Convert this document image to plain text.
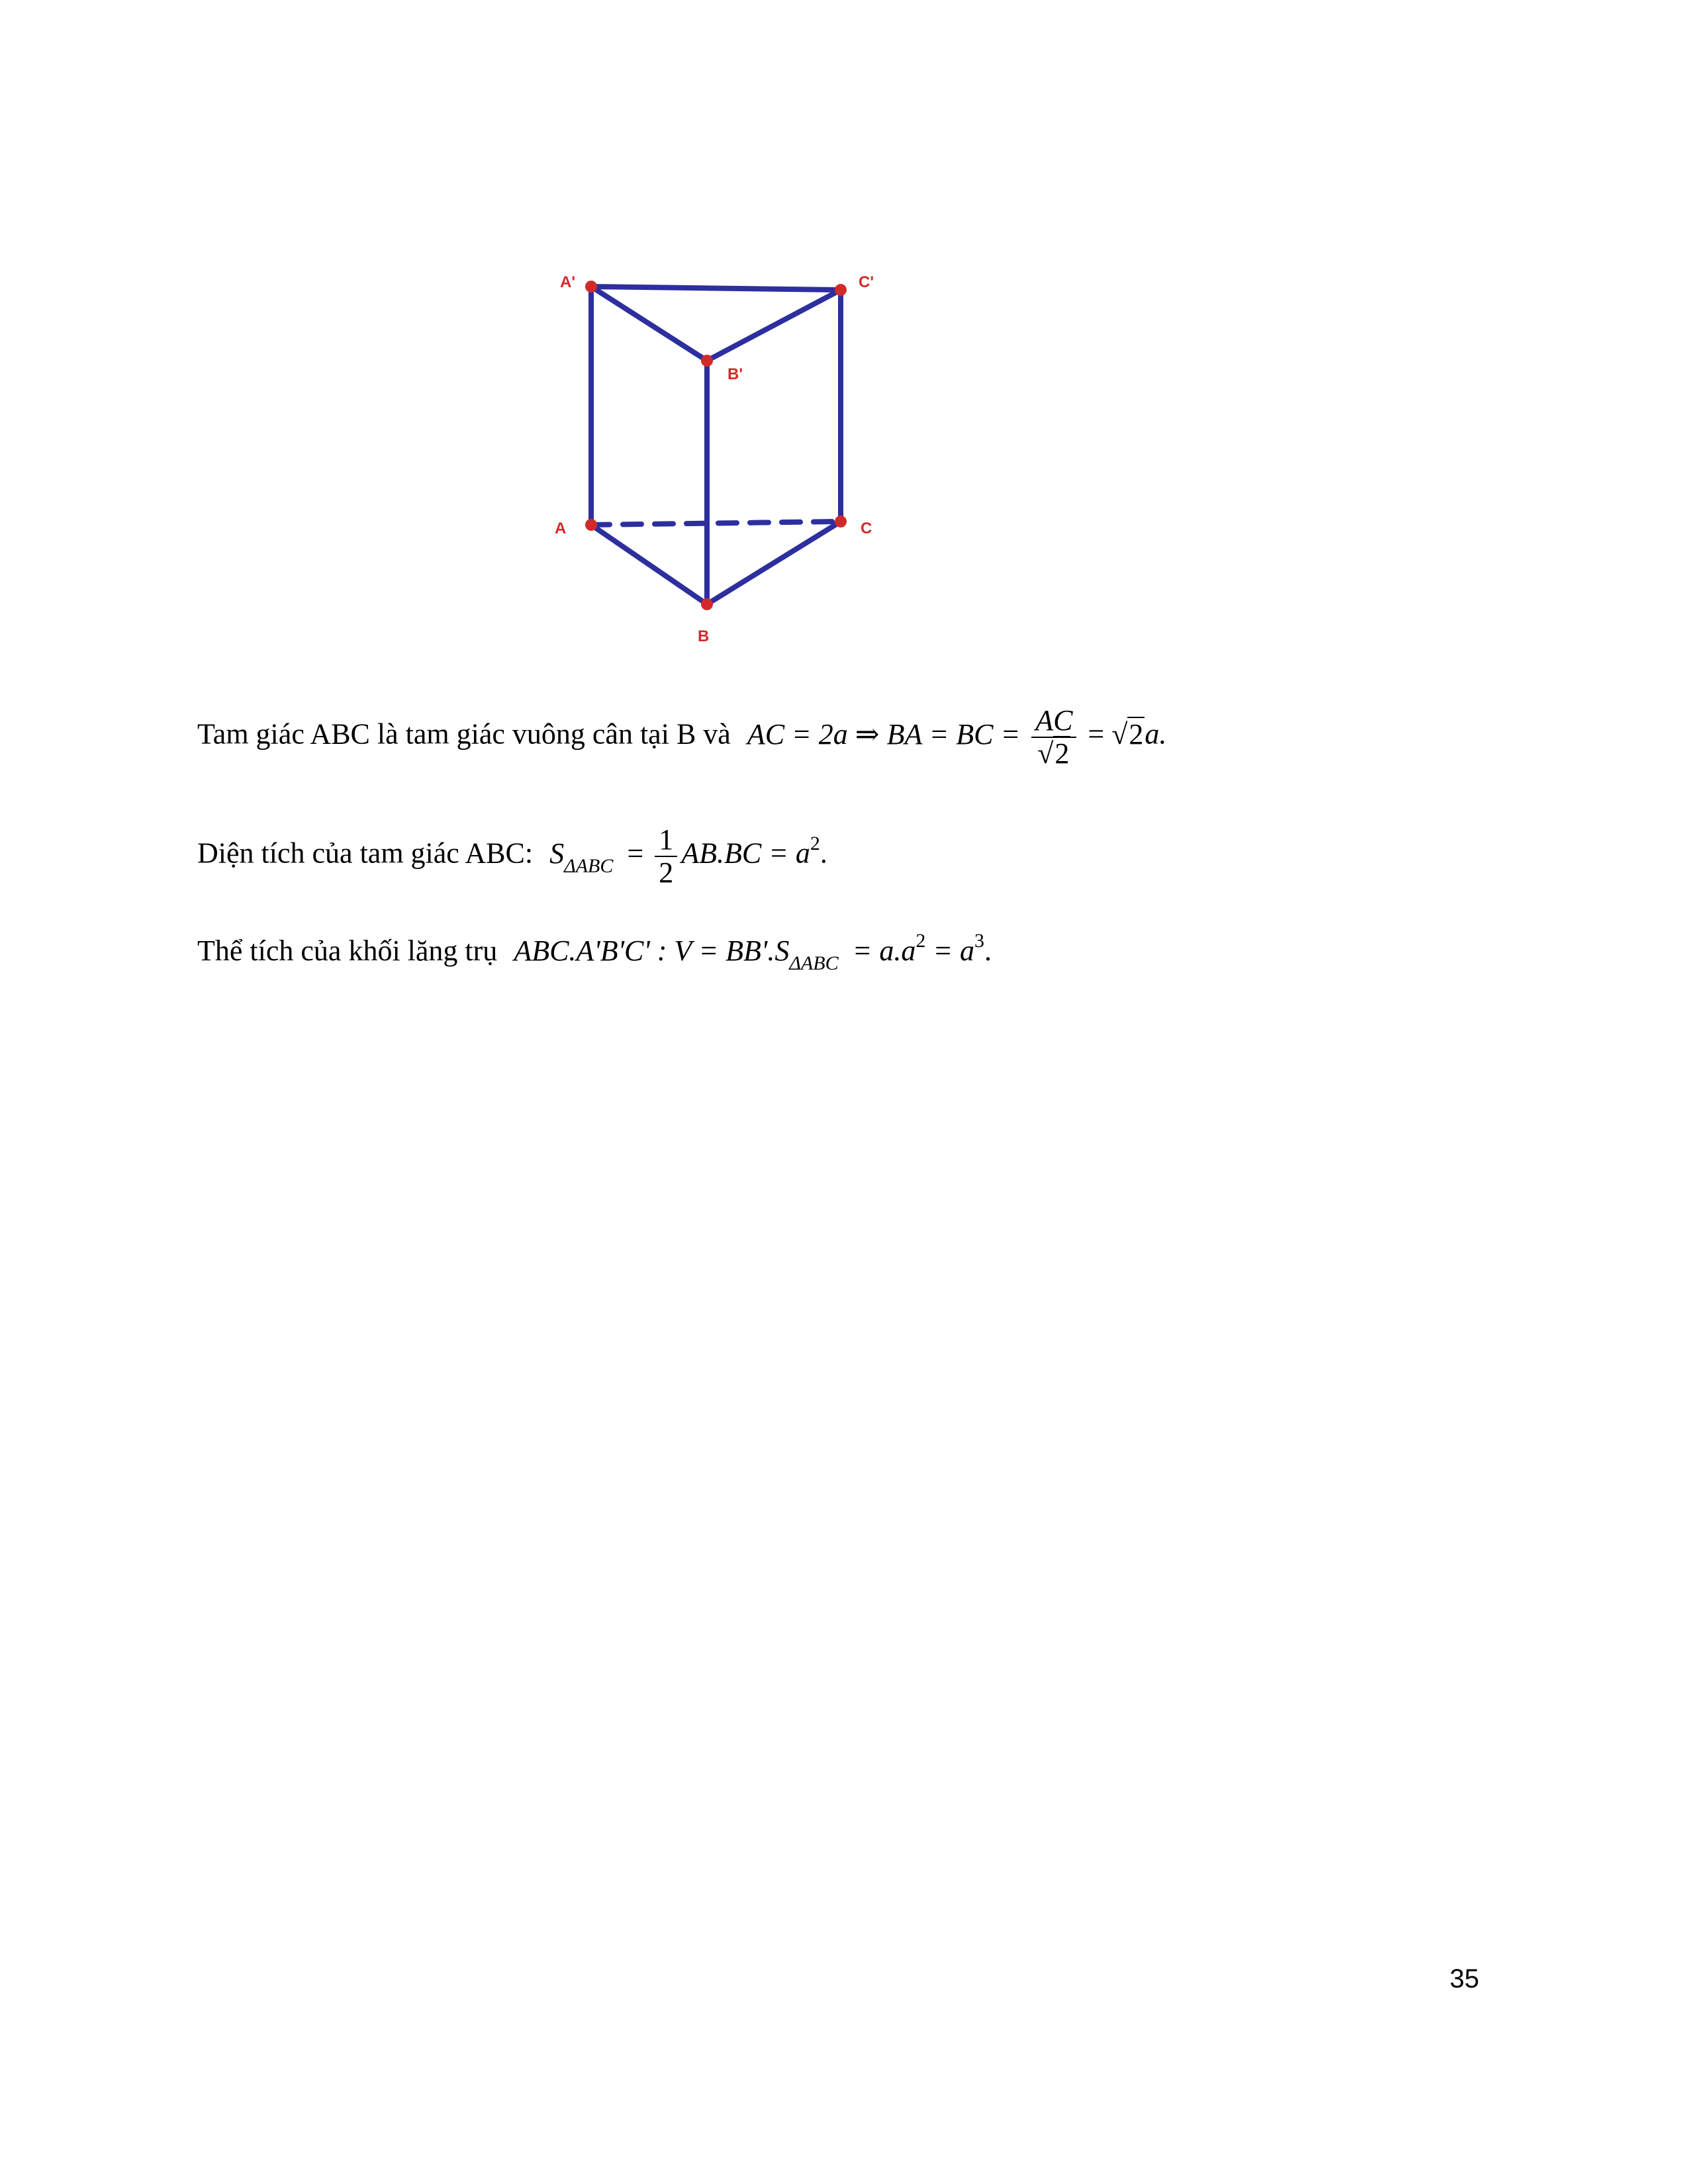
A'	C'
B'
A	C
B
Tam giác ABC là tam giác vuông cân tại B và AC = 2a ⇒ BA = BC = $\frac{AC}{√2} = √2a$.
Diện tích của tam giác ABC: $S_{\Delta ABC} = \frac{1}{2} AB.BC = a^2$.
Thể tích của khối lăng trụ ABC.A'B'C' : $V = BB'.S_{\Delta ABC} = a.a^2 = a^3$.
35
